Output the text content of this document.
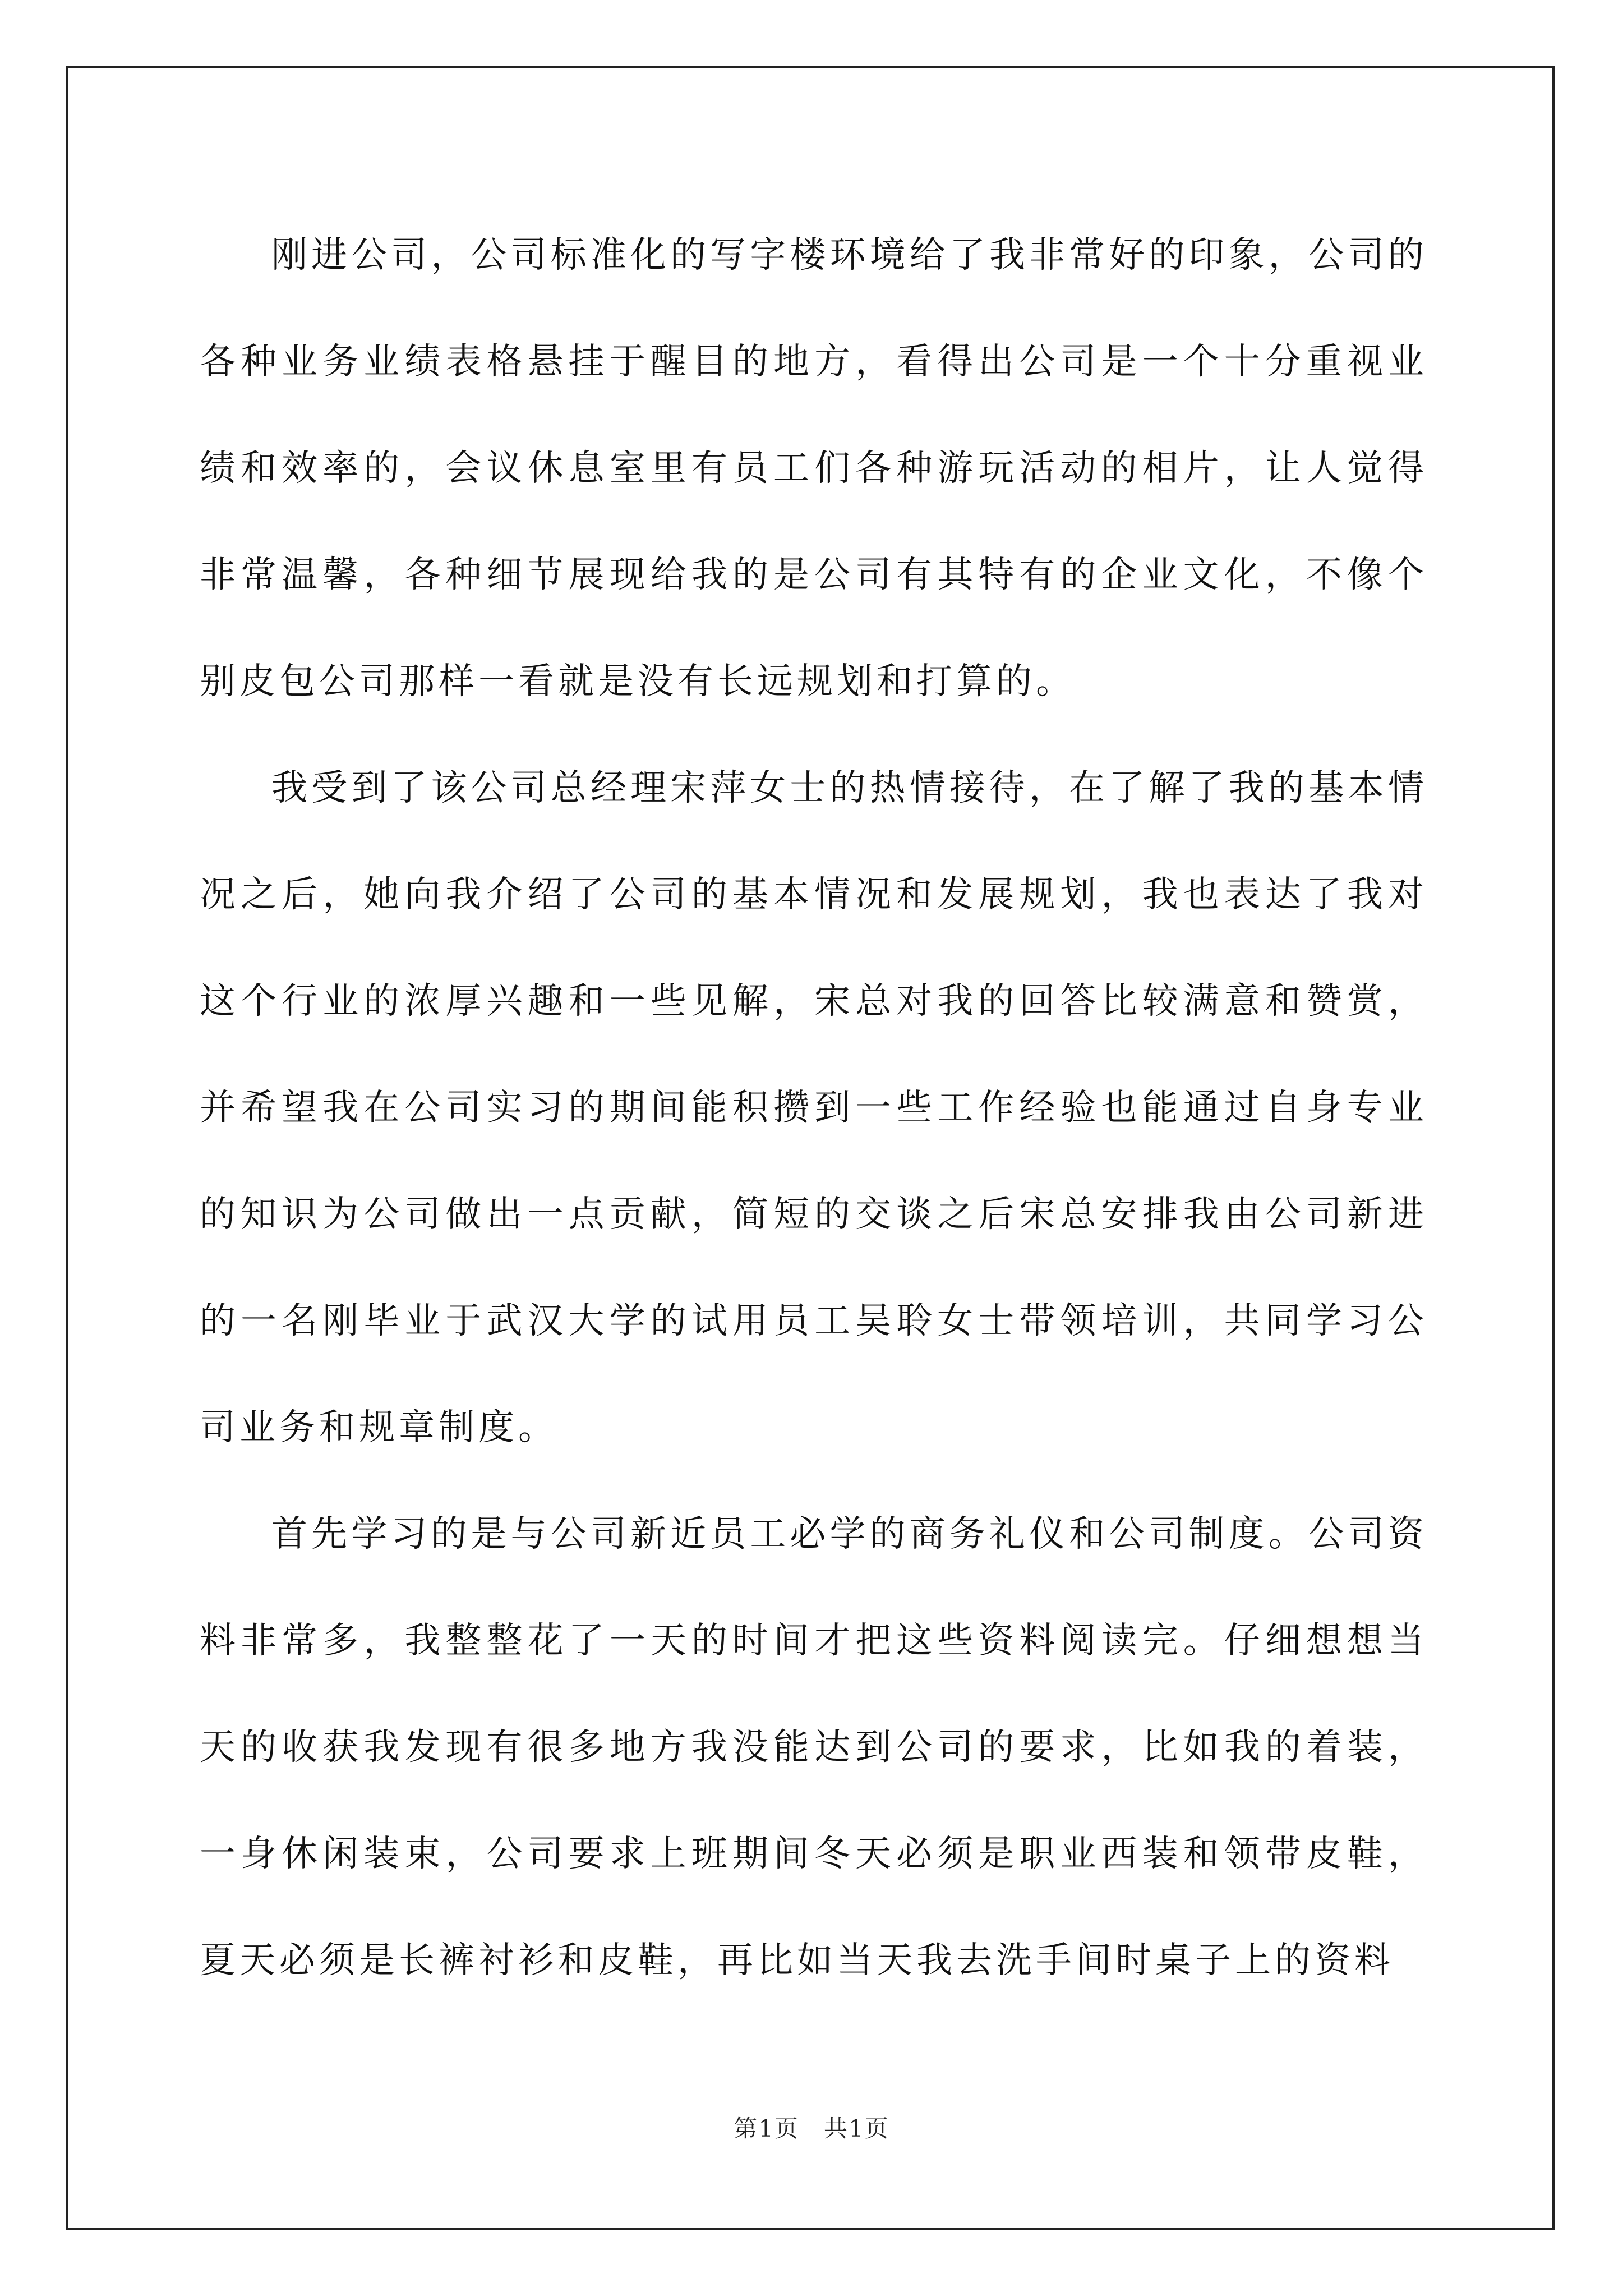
刚进公司，公司标准化的写字楼环境给了我非常好的印象，公司的各种业务业绩表格悬挂于醒目的地方，看得出公司是一个十分重视业绩和效率的，会议休息室里有员工们各种游玩活动的相片，让人觉得非常温馨，各种细节展现给我的是公司有其特有的企业文化，不像个别皮包公司那样一看就是没有长远规划和打算的。

我受到了该公司总经理宋萍女士的热情接待，在了解了我的基本情况之后，她向我介绍了公司的基本情况和发展规划，我也表达了我对这个行业的浓厚兴趣和一些见解，宋总对我的回答比较满意和赞赏，并希望我在公司实习的期间能积攒到一些工作经验也能通过自身专业的知识为公司做出一点贡献，简短的交谈之后宋总安排我由公司新进的一名刚毕业于武汉大学的试用员工吴聆女士带领培训，共同学习公司业务和规章制度。

首先学习的是与公司新近员工必学的商务礼仪和公司制度。公司资料非常多，我整整花了一天的时间才把这些资料阅读完。仔细想想当天的收获我发现有很多地方我没能达到公司的要求，比如我的着装，一身休闲装束，公司要求上班期间冬天必须是职业西装和领带皮鞋，夏天必须是长裤衬衫和皮鞋，再比如当天我去洗手间时桌子上的资料

第1页　共1页
